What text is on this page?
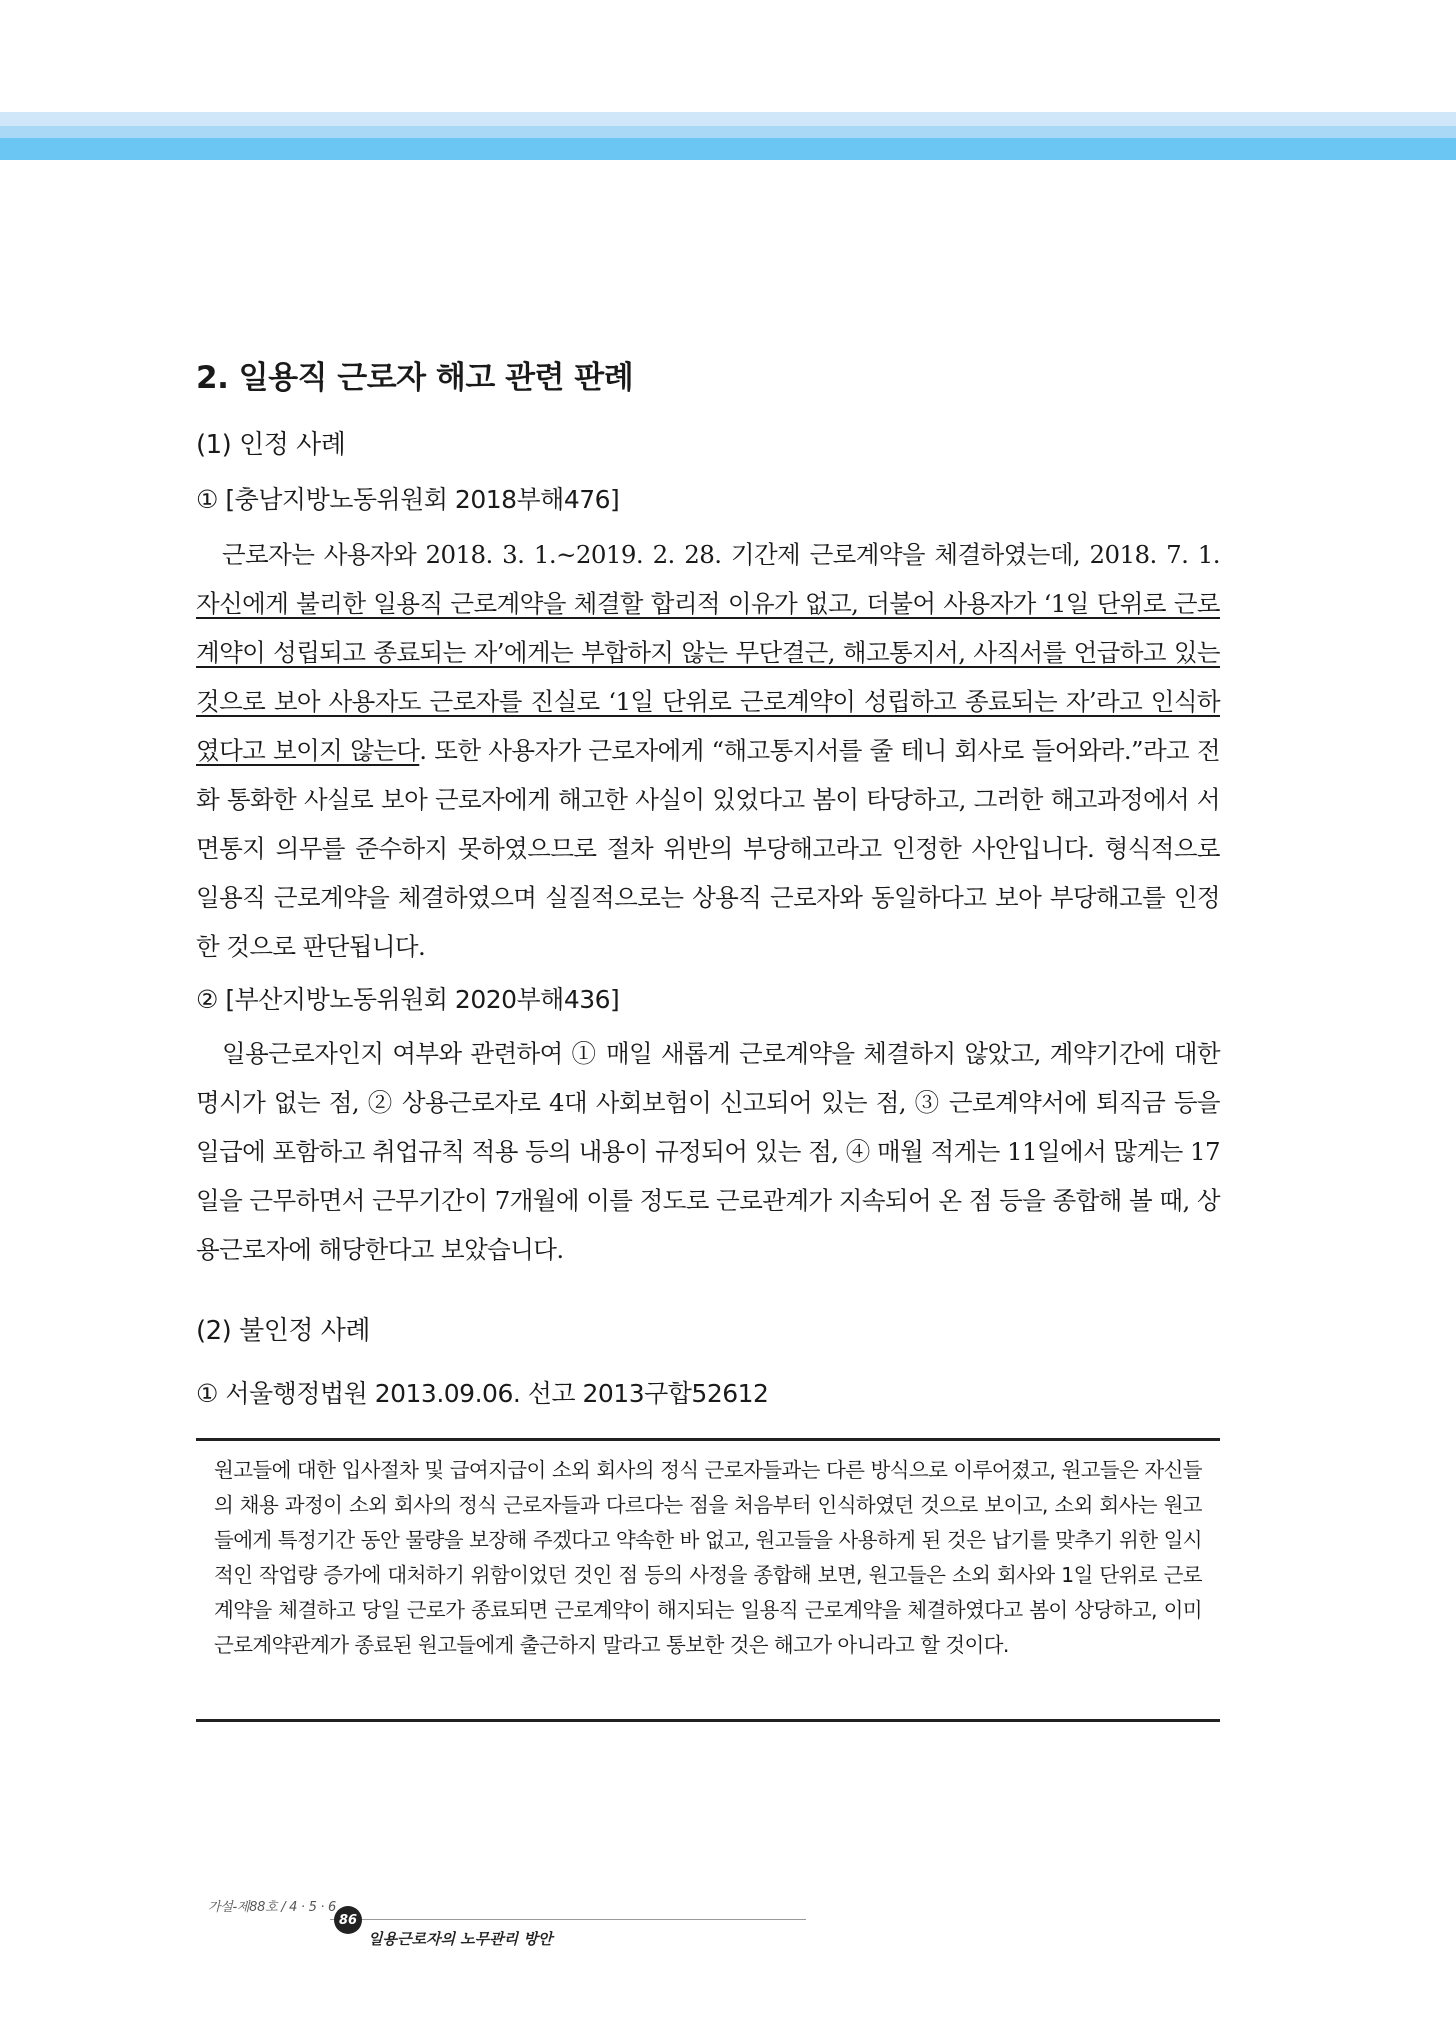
2. 일용직 근로자 해고 관련 판례
(1) 인정 사례
① [충남지방노동위원회 2018부해476]
근로자는 사용자와 2018. 3. 1.~2019. 2. 28. 기간제 근로계약을 체결하였는데, 2018. 7. 1. 자신에게 불리한 일용직 근로계약을 체결할 합리적 이유가 없고, 더불어 사용자가 ‘1일 단위로 근로계약이 성립되고 종료되는 자’에게는 부합하지 않는 무단결근, 해고통지서, 사직서를 언급하고 있는 것으로 보아 사용자도 근로자를 진실로 ‘1일 단위로 근로계약이 성립하고 종료되는 자’라고 인식하였다고 보이지 않는다. 또한 사용자가 근로자에게 “해고통지서를 줄 테니 회사로 들어와라.”라고 전화 통화한 사실로 보아 근로자에게 해고한 사실이 있었다고 봄이 타당하고, 그러한 해고과정에서 서면통지 의무를 준수하지 못하였으므로 절차 위반의 부당해고라고 인정한 사안입니다. 형식적으로 일용직 근로계약을 체결하였으며 실질적으로는 상용직 근로자와 동일하다고 보아 부당해고를 인정한 것으로 판단됩니다.
② [부산지방노동위원회 2020부해436]
일용근로자인지 여부와 관련하여 ① 매일 새롭게 근로계약을 체결하지 않았고, 계약기간에 대한 명시가 없는 점, ② 상용근로자로 4대 사회보험이 신고되어 있는 점, ③ 근로계약서에 퇴직금 등을 일급에 포함하고 취업규칙 적용 등의 내용이 규정되어 있는 점, ④ 매월 적게는 11일에서 많게는 17일을 근무하면서 근무기간이 7개월에 이를 정도로 근로관계가 지속되어 온 점 등을 종합해 볼 때, 상용근로자에 해당한다고 보았습니다.
(2) 불인정 사례
① 서울행정법원 2013.09.06. 선고 2013구합52612
원고들에 대한 입사절차 및 급여지급이 소외 회사의 정식 근로자들과는 다른 방식으로 이루어졌고, 원고들은 자신들의 채용 과정이 소외 회사의 정식 근로자들과 다르다는 점을 처음부터 인식하였던 것으로 보이고, 소외 회사는 원고들에게 특정기간 동안 물량을 보장해 주겠다고 약속한 바 없고, 원고들을 사용하게 된 것은 납기를 맞추기 위한 일시적인 작업량 증가에 대처하기 위함이었던 것인 점 등의 사정을 종합해 보면, 원고들은 소외 회사와 1일 단위로 근로계약을 체결하고 당일 근로가 종료되면 근로계약이 해지되는 일용직 근로계약을 체결하였다고 봄이 상당하고, 이미 근로계약관계가 종료된 원고들에게 출근하지 말라고 통보한 것은 해고가 아니라고 할 것이다.
가설-제88호 / 4 · 5 · 6
86
일용근로자의 노무관리 방안
